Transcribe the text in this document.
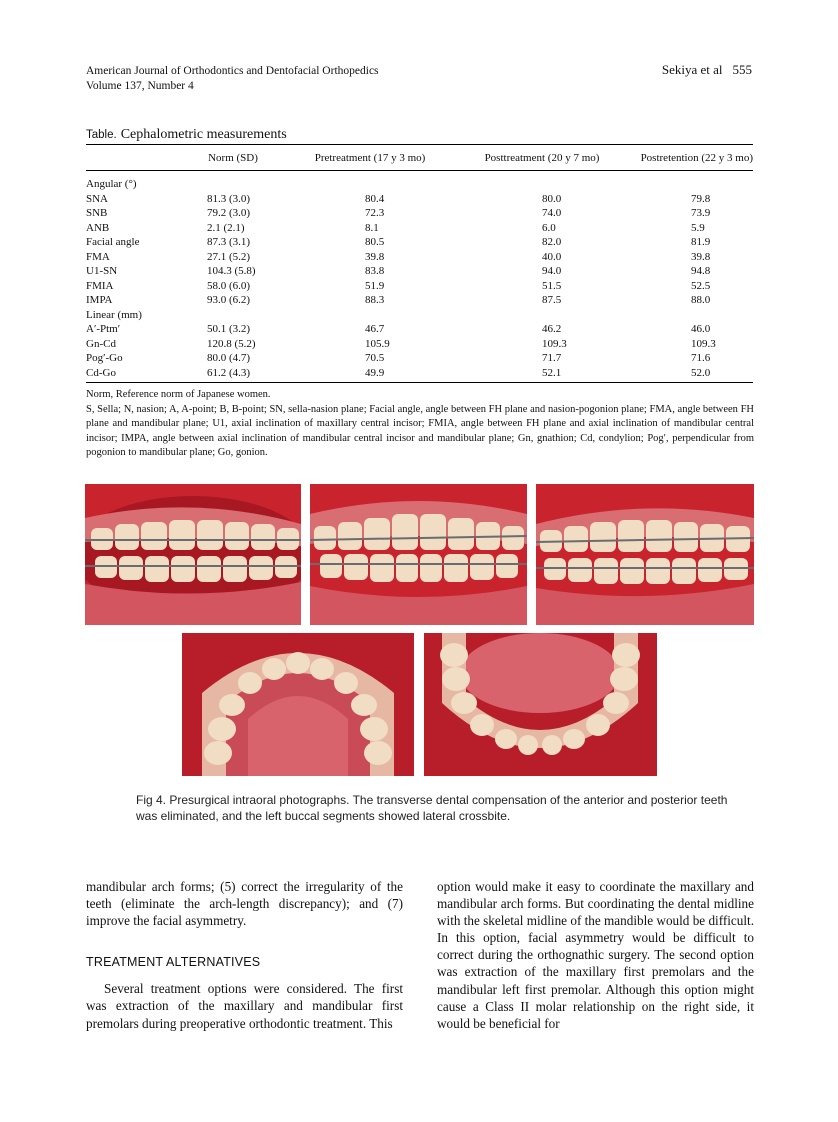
American Journal of Orthodontics and Dentofacial Orthopedics
Volume 137, Number 4
Sekiya et al 555
Table. Cephalometric measurements
	Norm (SD)	Pretreatment (17 y 3 mo)	Posttreatment (20 y 7 mo)	Postretention (22 y 3 mo)
Angular (°)				
SNA	81.3 (3.0)	80.4	80.0	79.8
SNB	79.2 (3.0)	72.3	74.0	73.9
ANB	2.1 (2.1)	8.1	6.0	5.9
Facial angle	87.3 (3.1)	80.5	82.0	81.9
FMA	27.1 (5.2)	39.8	40.0	39.8
U1-SN	104.3 (5.8)	83.8	94.0	94.8
FMIA	58.0 (6.0)	51.9	51.5	52.5
IMPA	93.0 (6.2)	88.3	87.5	88.0
Linear (mm)				
A′-Ptm′	50.1 (3.2)	46.7	46.2	46.0
Gn-Cd	120.8 (5.2)	105.9	109.3	109.3
Pog′-Go	80.0 (4.7)	70.5	71.7	71.6
Cd-Go	61.2 (4.3)	49.9	52.1	52.0

Norm, Reference norm of Japanese women.

S, Sella; N, nasion; A, A-point; B, B-point; SN, sella-nasion plane; Facial angle, angle between FH plane and nasion-pogonion plane; FMA, angle between FH plane and mandibular plane; U1, axial inclination of maxillary central incisor; FMIA, angle between FH plane and axial inclination of mandibular central incisor; IMPA, angle between axial inclination of mandibular central incisor and mandibular plane; Gn, gnathion; Cd, condylion; Pog′, perpendicular from pogonion to mandibular plane; Go, gonion.

Fig 4. Presurgical intraoral photographs. The transverse dental compensation of the anterior and posterior teeth was eliminated, and the left buccal segments showed lateral crossbite.

mandibular arch forms; (5) correct the irregularity of the teeth (eliminate the arch-length discrepancy); and (7) improve the facial asymmetry.

TREATMENT ALTERNATIVES

Several treatment options were considered. The first was extraction of the maxillary and mandibular first premolars during preoperative orthodontic treatment. This

option would make it easy to coordinate the maxillary and mandibular arch forms. But coordinating the dental midline with the skeletal midline of the mandible would be difficult. In this option, facial asymmetry would be difficult to correct during the orthognathic surgery. The second option was extraction of the maxillary first premolars and the mandibular left first premolar. Although this option might cause a Class II molar relationship on the right side, it would be beneficial for
